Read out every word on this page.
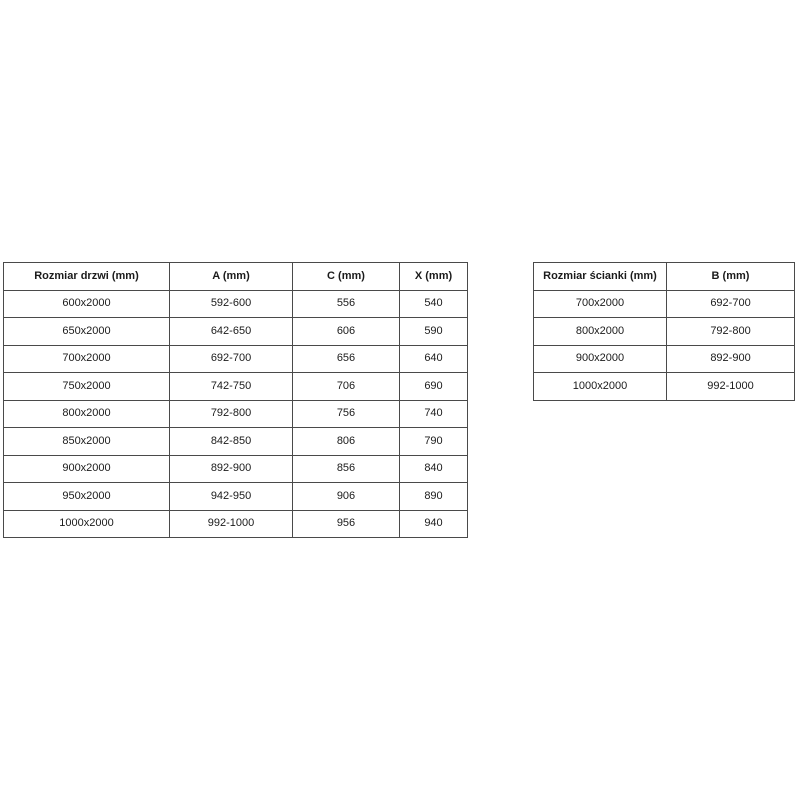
Rozmiar drzwi (mm)	A (mm)	C (mm)	X (mm)
600x2000	592-600	556	540
650x2000	642-650	606	590
700x2000	692-700	656	640
750x2000	742-750	706	690
800x2000	792-800	756	740
850x2000	842-850	806	790
900x2000	892-900	856	840
950x2000	942-950	906	890
1000x2000	992-1000	956	940
Rozmiar ścianki (mm)	B (mm)
700x2000	692-700
800x2000	792-800
900x2000	892-900
1000x2000	992-1000
